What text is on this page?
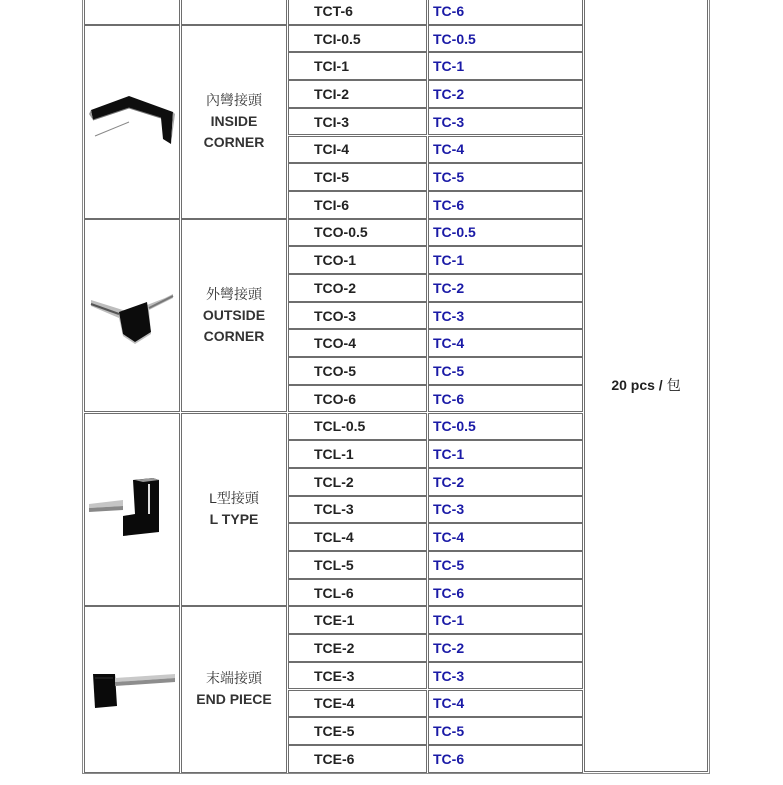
20 pcs / 包
TCT-6	TC-6
內彎接頭
INSIDE
CORNER
TCI-0.5	TC-0.5
TCI-1	TC-1
TCI-2	TC-2
TCI-3	TC-3
TCI-4	TC-4
TCI-5	TC-5
TCI-6	TC-6
外彎接頭
OUTSIDE
CORNER
TCO-0.5	TC-0.5
TCO-1	TC-1
TCO-2	TC-2
TCO-3	TC-3
TCO-4	TC-4
TCO-5	TC-5
TCO-6	TC-6
L型接頭
L TYPE
TCL-0.5	TC-0.5
TCL-1	TC-1
TCL-2	TC-2
TCL-3	TC-3
TCL-4	TC-4
TCL-5	TC-5
TCL-6	TC-6
末端接頭
END PIECE
TCE-1	TC-1
TCE-2	TC-2
TCE-3	TC-3
TCE-4	TC-4
TCE-5	TC-5
TCE-6	TC-6
